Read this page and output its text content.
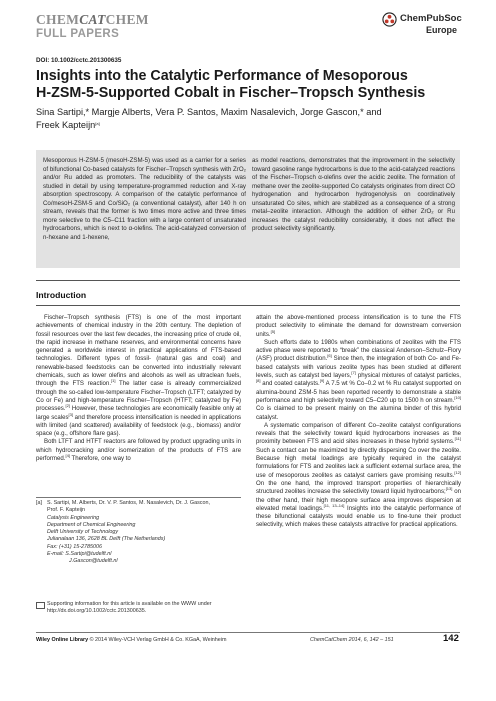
CHEMCATCHEM
FULL PAPERS
ChemPubSoc
Europe
DOI: 10.1002/cctc.201300635
Insights into the Catalytic Performance of Mesoporous
H-ZSM-5-Supported Cobalt in Fischer–Tropsch Synthesis
Sina Sartipi,* Margje Alberts, Vera P. Santos, Maxim Nasalevich, Jorge Gascon,* and
Freek Kapteijn[a]
Mesoporous H-ZSM-5 (mesoH-ZSM-5) was used as a carrier for a series of bifunctional Co-based catalysts for Fischer–Tropsch synthesis with ZrO₂ and/or Ru added as promoters. The reducibility of the catalysts was studied in detail by using temperature-programmed reduction and X-ray absorption spectroscopy. A comparison of the catalytic performance of Co/mesoH-ZSM-5 and Co/SiO₂ (a conventional catalyst), after 140 h on stream, reveals that the former is two times more active and three times more selective to the C5–C11 fraction with a large content of unsaturated hydrocarbons, which is next to α-olefins. The acid-catalyzed conversion of n-hexane and 1-hexene,
as model reactions, demonstrates that the improvement in the selectivity toward gasoline range hydrocarbons is due to the acid-catalyzed reactions of the Fischer–Tropsch α-olefins over the acidic zeolite. The formation of methane over the zeolite-supported Co catalysts originates from direct CO hydrogenation and hydrocarbon hydrogenolysis on coordinatively unsaturated Co sites, which are stabilized as a consequence of a strong metal–zeolite interaction. Although the addition of either ZrO₂ or Ru increases the catalyst reducibility considerably, it does not affect the product selectivity significantly.
Introduction

Fischer–Tropsch synthesis (FTS) is one of the most important achievements of chemical industry in the 20th century. The depletion of fossil resources over the last few decades, the increasing price of crude oil, the rapid increase in methane reserves, and environmental concerns have generated a worldwide interest in practical applications of FTS-based technologies. Different types of fossil- (natural gas and coal) and renewable-based feedstocks can be converted into industrially relevant chemicals, such as lower olefins and alcohols as well as ultraclean fuels, through the FTS reaction.[1] The latter case is already commercialized through the so-called low-temperature Fischer–Tropsch (LTFT; catalyzed by Co or Fe) and high-temperature Fischer–Tropsch (HTFT; catalyzed by Fe) processes.[2] However, these technologies are economically feasible only at large scales[3] and therefore process intensification is needed in applications with limited (and scattered) availability of feedstock (e.g., biomass) and/or space (e.g., offshore flare gas).

Both LTFT and HTFT reactors are followed by product upgrading units in which hydrocracking and/or isomerization of the products of FTS are performed.[4] Therefore, one way to

attain the above-mentioned process intensification is to tune the FTS product selectivity to eliminate the demand for downstream conversion units.[5]

Such efforts date to 1980s when combinations of zeolites with the FTS active phase were reported to “break” the classical Anderson–Schulz–Flory (ASF) product distribution.[6] Since then, the integration of both Co- and Fe-based catalysts with various zeolite types has been studied at different levels, such as catalyst bed layers,[7] physical mixtures of catalyst particles,[8] and coated catalysts.[9] A 7.5 wt % Co–0.2 wt % Ru catalyst supported on alumina-bound ZSM-5 has been reported recently to demonstrate a stable performance and high selectivity toward C5–C20 up to 1500 h on stream.[10] Co is claimed to be present mainly on the alumina binder of this hybrid catalyst.

A systematic comparison of different Co–zeolite catalyst configurations reveals that the selectivity toward liquid hydrocarbons increases as the proximity between FTS and acid sites increases in these hybrid systems.[11] Such a contact can be maximized by directly dispersing Co over the zeolite. Because high metal loadings are typically required in the catalyst formulations for FTS and zeolites lack a sufficient external surface area, the use of mesoporous zeolites as catalyst carriers gave promising results.[12] On the one hand, the improved transport properties of hierarchically structured zeolites increase the selectivity toward liquid hydrocarbons;[13] on the other hand, their high mesopore surface area improves dispersion at elevated metal loadings.[11, 13–14] Insights into the catalytic performance of these bifunctional catalysts would enable us to fine-tune their product selectivity, which makes these catalysts attractive for practical applications.

[a] S. Sartipi, M. Alberts, Dr. V. P. Santos, M. Nasalevich, Dr. J. Gascon,
Prof. F. Kapteijn
Catalysis Engineering
Department of Chemical Engineering
Delft University of Technology
Julianalaan 136, 2628 BL Delft (The Netherlands)
Fax: (+31) 15-2785006
E-mail: S.Sartipi@tudelft.nl
J.Gascon@tudelft.nl
Supporting information for this article is available on the WWW under http://dx.doi.org/10.1002/cctc.201300635.
Wiley Online Library © 2014 Wiley-VCH Verlag GmbH & Co. KGaA, Weinheim	ChemCatChem 2014, 6, 142 – 151	142
